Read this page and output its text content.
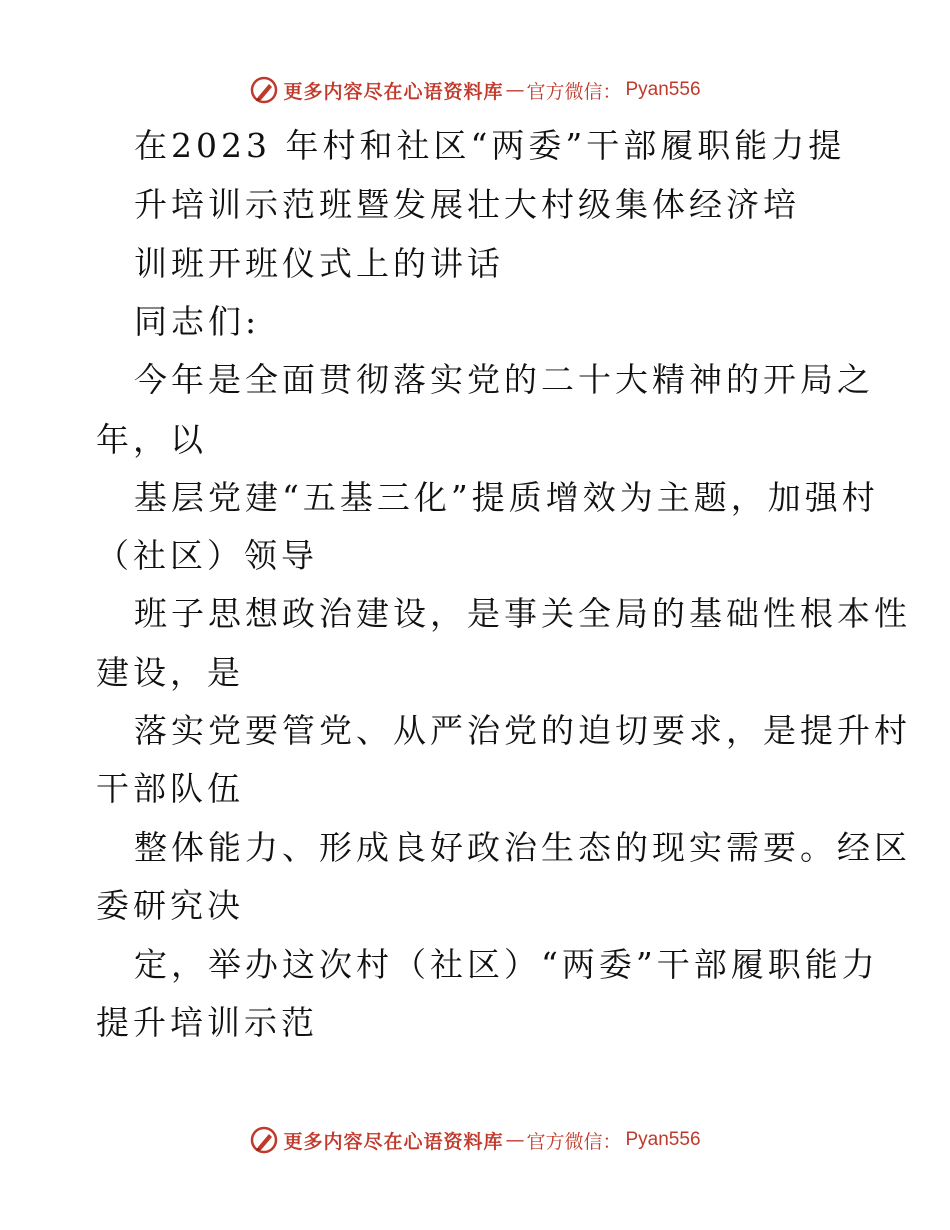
更多内容尽在心语资料库 — 官方微信： Pyan556
在2023 年村和社区“两委”干部履职能力提
升培训示范班暨发展壮大村级集体经济培
训班开班仪式上的讲话
同志们:
今年是全面贯彻落实党的二十大精神的开局之
年，以
基层党建“五基三化”提质增效为主题，加强村
（社区）领导
班子思想政治建设，是事关全局的基础性根本性
建设，是
落实党要管党、从严治党的迫切要求，是提升村
干部队伍
整体能力、形成良好政治生态的现实需要。经区
委研究决
定，举办这次村（社区）“两委”干部履职能力
提升培训示范
更多内容尽在心语资料库 — 官方微信： Pyan556
